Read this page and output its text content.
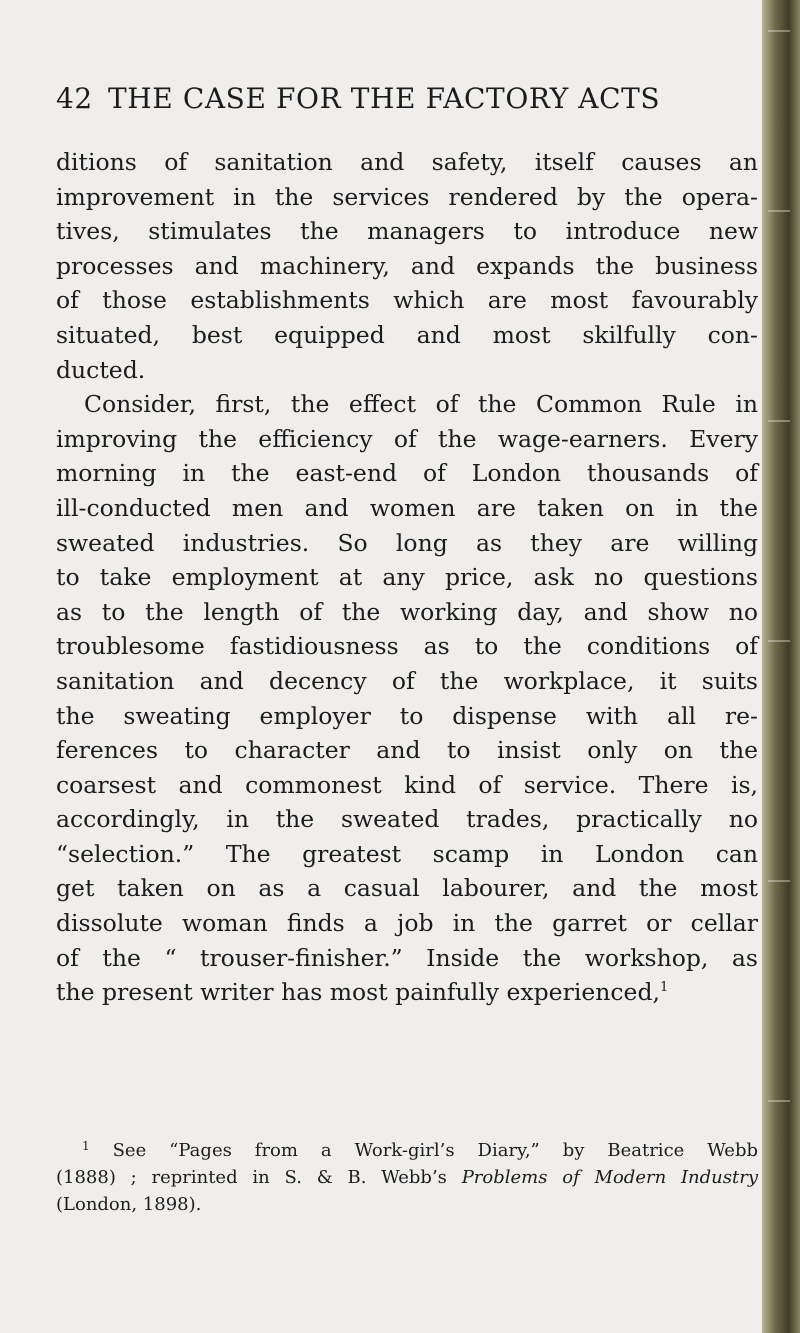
42 THE CASE FOR THE FACTORY ACTS
ditions of sanitation and safety, itself causes an
improvement in the services rendered by the opera-
tives, stimulates the managers to introduce new
processes and machinery, and expands the business
of those establishments which are most favourably
situated, best equipped and most skilfully con-
ducted.
Consider, first, the effect of the Common Rule in
improving the efficiency of the wage-earners. Every
morning in the east-end of London thousands of
ill-conducted men and women are taken on in the
sweated industries. So long as they are willing
to take employment at any price, ask no questions
as to the length of the working day, and show no
troublesome fastidiousness as to the conditions of
sanitation and decency of the workplace, it suits
the sweating employer to dispense with all re-
ferences to character and to insist only on the
coarsest and commonest kind of service. There is,
accordingly, in the sweated trades, practically no
“selection.” The greatest scamp in London can
get taken on as a casual labourer, and the most
dissolute woman finds a job in the garret or cellar
of the “ trouser-finisher.” Inside the workshop, as
the present writer has most painfully experienced,$^1$
$^1$ See “Pages from a Work-girl’s Diary,” by Beatrice Webb
(1888) ; reprinted in S. & B. Webb’s Problems of Modern Industry
(London, 1898).
